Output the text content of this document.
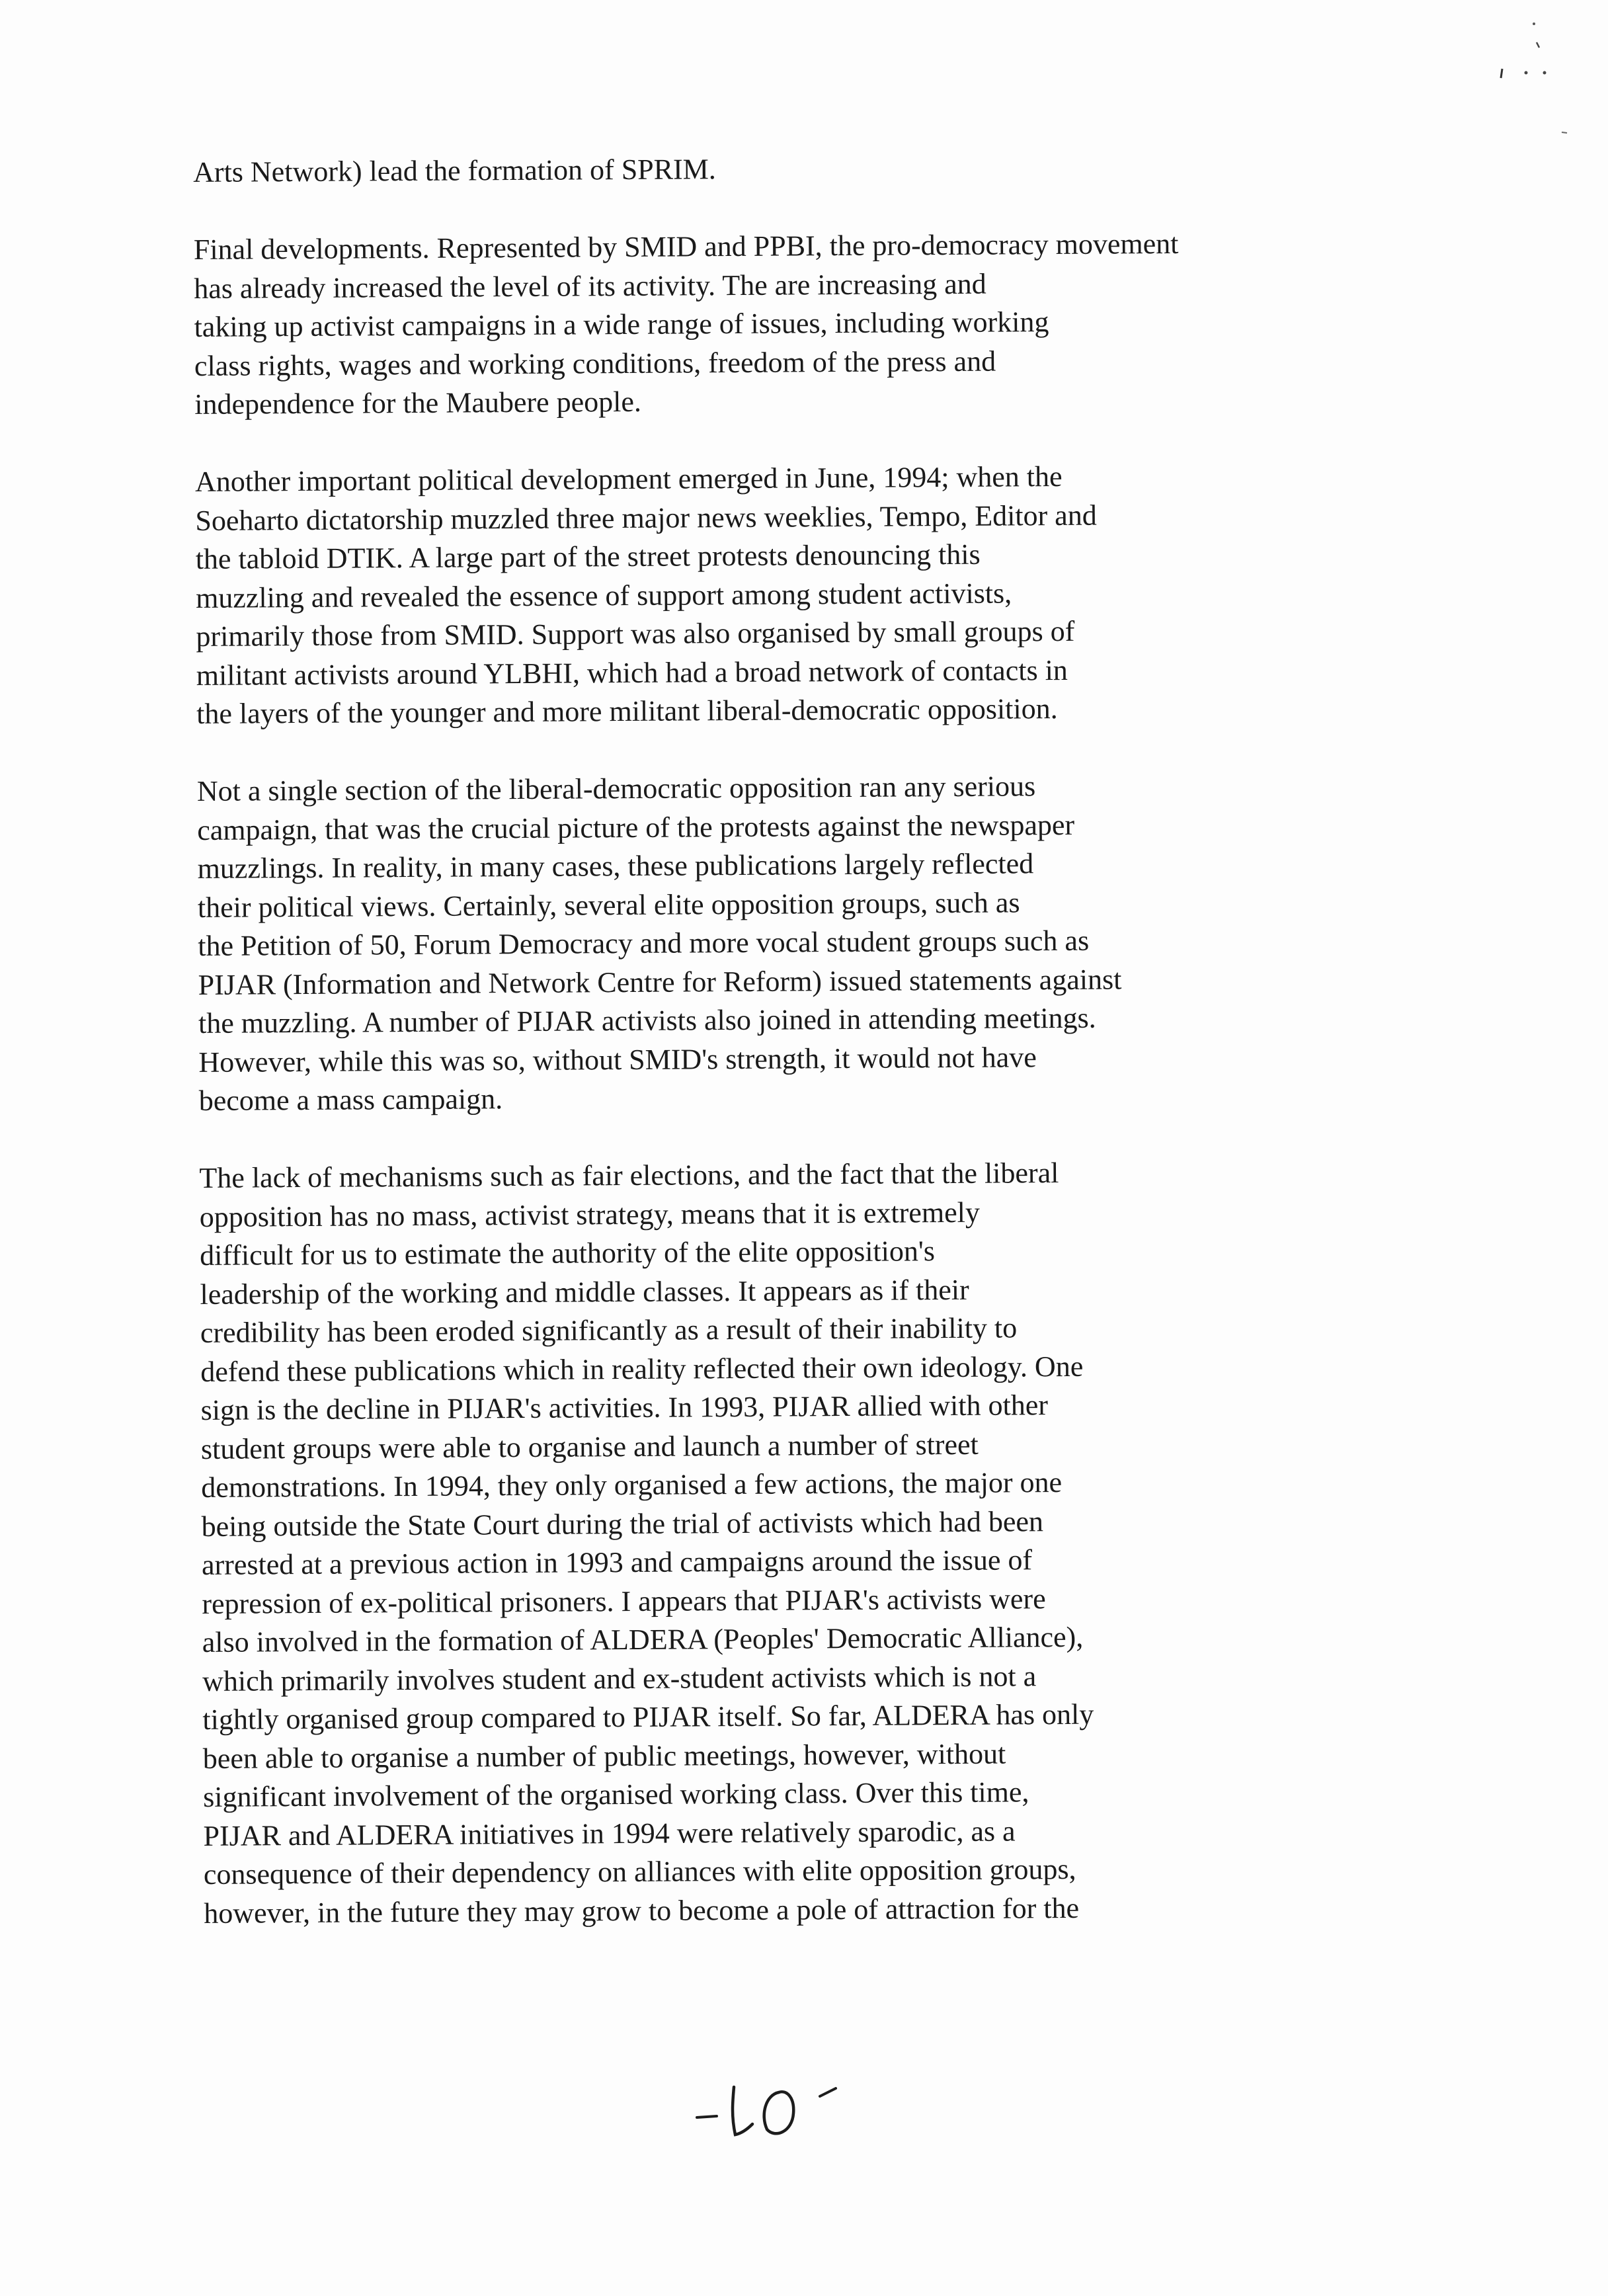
Arts Network) lead the formation of SPRIM.
Final developments. Represented by SMID and PPBI, the pro-democracy movement
has already increased the level of its activity. The are increasing and
taking up activist campaigns in a wide range of issues, including working
class rights, wages and working conditions, freedom of the press and
independence for the Maubere people.
Another important political development emerged in June, 1994; when the
Soeharto dictatorship muzzled three major news weeklies, Tempo, Editor and
the tabloid DTIK. A large part of the street protests denouncing this
muzzling and revealed the essence of support among student activists,
primarily those from SMID. Support was also organised by small groups of
militant activists around YLBHI, which had a broad network of contacts in
the layers of the younger and more militant liberal-democratic opposition.
Not a single section of the liberal-democratic opposition ran any serious
campaign, that was the crucial picture of the protests against the newspaper
muzzlings. In reality, in many cases, these publications largely reflected
their political views. Certainly, several elite opposition groups, such as
the Petition of 50, Forum Democracy and more vocal student groups such as
PIJAR (Information and Network Centre for Reform) issued statements against
the muzzling. A number of PIJAR activists also joined in attending meetings.
However, while this was so, without SMID's strength, it would not have
become a mass campaign.
The lack of mechanisms such as fair elections, and the fact that the liberal
opposition has no mass, activist strategy, means that it is extremely
difficult for us to estimate the authority of the elite opposition's
leadership of the working and middle classes. It appears as if their
credibility has been eroded significantly as a result of their inability to
defend these publications which in reality reflected their own ideology. One
sign is the decline in PIJAR's activities. In 1993, PIJAR allied with other
student groups were able to organise and launch a number of street
demonstrations. In 1994, they only organised a few actions, the major one
being outside the State Court during the trial of activists which had been
arrested at a previous action in 1993 and campaigns around the issue of
repression of ex-political prisoners. I appears that PIJAR's activists were
also involved in the formation of ALDERA (Peoples' Democratic Alliance),
which primarily involves student and ex-student activists which is not a
tightly organised group compared to PIJAR itself. So far, ALDERA has only
been able to organise a number of public meetings, however, without
significant involvement of the organised working class. Over this time,
PIJAR and ALDERA initiatives in 1994 were relatively sparodic, as a
consequence of their dependency on alliances with elite opposition groups,
however, in the future they may grow to become a pole of attraction for the
